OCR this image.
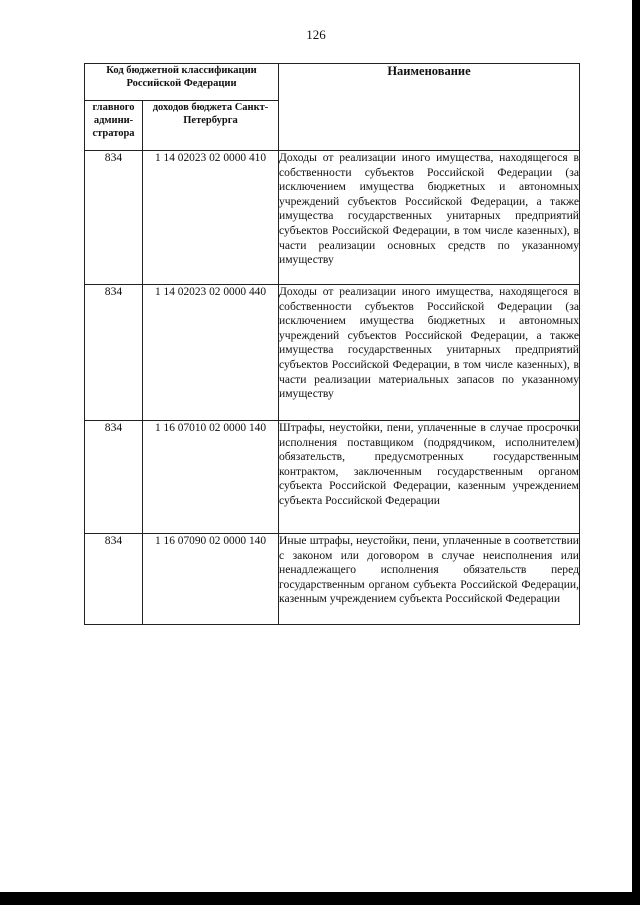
126
Код бюджетной классификации Российской Федерации		Наименование
главного админи-стратора	доходов бюджета Санкт-Петербурга	
834	1 14 02023 02 0000 410	Доходы от реализации иного имущества, находящегося в собственности субъектов Российской Федерации (за исключением имущества бюджетных и автономных учреждений субъектов Российской Федерации, а также имущества государственных унитарных предприятий субъектов Российской Федерации, в том числе казенных), в части реализации основных средств по указанному имуществу
834	1 14 02023 02 0000 440	Доходы от реализации иного имущества, находящегося в собственности субъектов Российской Федерации (за исключением имущества бюджетных и автономных учреждений субъектов Российской Федерации, а также имущества государственных унитарных предприятий субъектов Российской Федерации, в том числе казенных), в части реализации материальных запасов по указанному имуществу
834	1 16 07010 02 0000 140	Штрафы, неустойки, пени, уплаченные в случае просрочки исполнения поставщиком (подрядчиком, исполнителем) обязательств, предусмотренных государственным контрактом, заключенным государственным органом субъекта Российской Федерации, казенным учреждением субъекта Российской Федерации
834	1 16 07090 02 0000 140	Иные штрафы, неустойки, пени, уплаченные в соответствии с законом или договором в случае неисполнения или ненадлежащего исполнения обязательств перед государственным органом субъекта Российской Федерации, казенным учреждением субъекта Российской Федерации
